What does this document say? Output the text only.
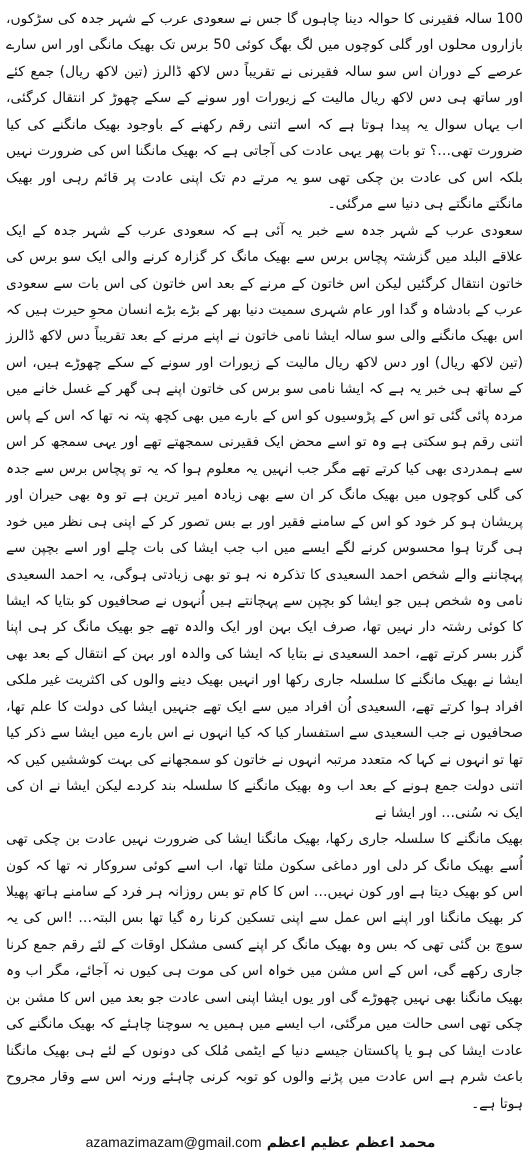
100 سالہ فقیرنی کا حوالہ دینا چاہوں گا جس نے سعودی عرب کے شہر جدہ کی سڑکوں، بازاروں محلوں اور گلی کوچوں میں لگ بھگ کوئی 50 برس تک بھیک مانگی اور اس سارے عرصے کے دوران اس سو سالہ فقیرنی نے تقریباً دس لاکھ ڈالرز (تین لاکھ ریال) جمع کئے اور ساتھ ہی دس لاکھ ریال مالیت کے زیورات اور سونے کے سکے چھوڑ کر انتقال کرگئی، اب یہاں سوال یہ پیدا ہوتا ہے کہ اسے اتنی رقم رکھنے کے باوجود بھیک مانگنے کی کیا ضرورت تھی…؟ تو بات پھر یہی عادت کی آجاتی ہے کہ بھیک مانگنا اس کی ضرورت نہیں بلکہ اس کی عادت بن چکی تھی سو یہ مرتے دم تک اپنی عادت پر قائم رہی اور بھیک مانگتے مانگتے ہی دنیا سے مرگئی۔

سعودی عرب کے شہر جدہ سے خبر یہ آئی ہے کہ سعودی عرب کے شہر جدہ کے ایک علاقے البلد میں گزشتہ پچاس برس سے بھیک مانگ کر گزارہ کرنے والی ایک سو برس کی خاتون انتقال کرگئیں لیکن اس خاتون کے مرنے کے بعد اس خاتون کی اس بات سے سعودی عرب کے بادشاہ و گدا اور عام شہری سمیت دنیا بھر کے بڑے بڑے انسان محوِ حیرت ہیں کہ اس بھیک مانگنے والی سو سالہ ایشا نامی خاتون نے اپنے مرنے کے بعد تقریباً دس لاکھ ڈالرز (تین لاکھ ریال) اور دس لاکھ ریال مالیت کے زیورات اور سونے کے سکے چھوڑے ہیں، اس کے ساتھ ہی خبر یہ ہے کہ ایشا نامی سو برس کی خاتون اپنے ہی گھر کے غسل خانے میں مردہ پائی گئی تو اس کے پڑوسیوں کو اس کے بارے میں بھی کچھ پتہ نہ تھا کہ اس کے پاس اتنی رقم ہو سکتی ہے وہ تو اسے محض ایک فقیرنی سمجھتے تھے اور یہی سمجھ کر اس سے ہمدردی بھی کیا کرتے تھے مگر جب انہیں یہ معلوم ہوا کہ یہ تو پچاس برس سے جدہ کی گلی کوچوں میں بھیک مانگ کر ان سے بھی زیادہ امیر ترین ہے تو وہ بھی حیران اور پریشان ہو کر خود کو اس کے سامنے فقیر اور بے بس تصور کر کے اپنی ہی نظر میں خود ہی گرتا ہوا محسوس کرنے لگے ایسے میں اب جب ایشا کی بات چلے اور اسے بچپن سے پہچاننے والے شخص احمد السعیدی کا تذکرہ نہ ہو تو بھی زیادتی ہوگی، یہ احمد السعیدی نامی وہ شخص ہیں جو ایشا کو بچپن سے پہچانتے ہیں اُنہوں نے صحافیوں کو بتایا کہ ایشا کا کوئی رشتہ دار نہیں تھا، صرف ایک بہن اور ایک والدہ تھے جو بھیک مانگ کر ہی اپنا گزر بسر کرتے تھے، احمد السعیدی نے بتایا کہ ایشا کی والدہ اور بہن کے انتقال کے بعد بھی ایشا نے بھیک مانگنے کا سلسلہ جاری رکھا اور انہیں بھیک دینے والوں کی اکثریت غیر ملکی افراد ہوا کرتے تھے، السعیدی اُن افراد میں سے ایک تھے جنہیں ایشا کی دولت کا علم تھا، صحافیوں نے جب السعیدی سے استفسار کیا کہ کیا انہوں نے اس بارے میں ایشا سے ذکر کیا تھا تو انہوں نے کہا کہ متعدد مرتبہ انہوں نے خاتون کو سمجھانے کی بہت کوششیں کیں کہ اتنی دولت جمع ہونے کے بعد اب وہ بھیک مانگنے کا سلسلہ بند کردے لیکن ایشا نے ان کی ایک نہ سُنی… اور ایشا نے

بھیک مانگنے کا سلسلہ جاری رکھا، بھیک مانگنا ایشا کی ضرورت نہیں عادت بن چکی تھی اُسے بھیک مانگ کر دلی اور دماغی سکون ملتا تھا، اب اسے کوئی سروکار نہ تھا کہ کون اس کو بھیک دیتا ہے اور کون نہیں… اس کا کام تو بس روزانہ ہر فرد کے سامنے ہاتھ پھیلا کر بھیک مانگنا اور اپنے اس عمل سے اپنی تسکین کرنا رہ گیا تھا بس البتہ… !اس کی یہ سوچ بن گئی تھی کہ بس وہ بھیک مانگ کر اپنے کسی مشکل اوقات کے لئے رقم جمع کرنا جاری رکھے گی، اس کے اس مشن میں خواہ اس کی موت ہی کیوں نہ آجائے، مگر اب وہ بھیک مانگنا بھی نہیں چھوڑے گی اور یوں ایشا اپنی اسی عادت جو بعد میں اس کا مشن بن چکی تھی اسی حالت میں مرگئی، اب ایسے میں ہمیں یہ سوچنا چاہئے کہ بھیک مانگنے کی عادت ایشا کی ہو یا پاکستان جیسے دنیا کے ایٹمی مُلک کی دونوں کے لئے ہی بھیک مانگنا باعث شرم ہے اس عادت میں پڑنے والوں کو توبہ کرنی چاہئے ورنہ اس سے وقار مجروح ہوتا ہے۔

azamazimazam@gmail.com محمد اعظم عظیم اعظم
